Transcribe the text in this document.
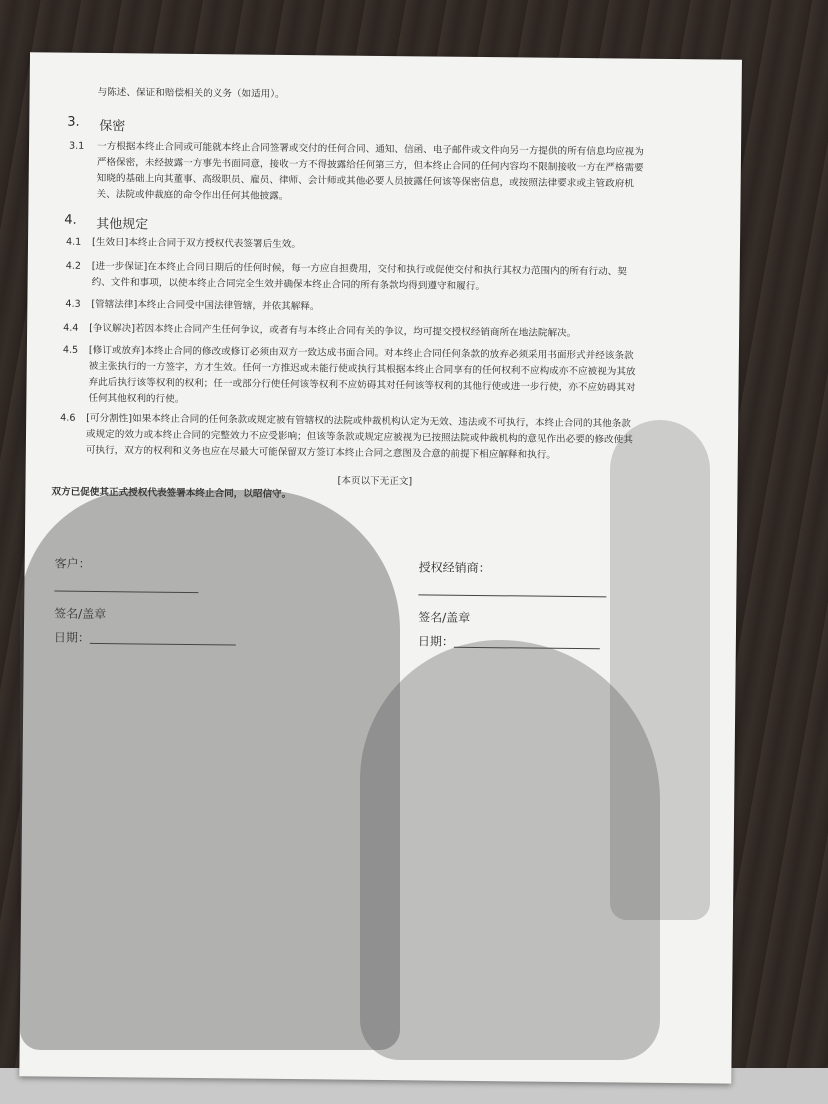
与陈述、保证和赔偿相关的义务（如适用）。
3. 保密
3.1 一方根据本终止合同或可能就本终止合同签署或交付的任何合同、通知、信函、电子邮件或文件向另一方提供的所有信息均应视为
严格保密，未经披露一方事先书面同意，接收一方不得披露给任何第三方，但本终止合同的任何内容均不限制接收一方在严格需要
知晓的基础上向其董事、高级职员、雇员、律师、会计师或其他必要人员披露任何该等保密信息，或按照法律要求或主管政府机
关、法院或仲裁庭的命令作出任何其他披露。
4. 其他规定
4.1 [生效日]本终止合同于双方授权代表签署后生效。
4.2 [进一步保证]在本终止合同日期后的任何时候，每一方应自担费用，交付和执行或促使交付和执行其权力范围内的所有行动、契
约、文件和事项，以使本终止合同完全生效并确保本终止合同的所有条款均得到遵守和履行。
4.3 [管辖法律]本终止合同受中国法律管辖，并依其解释。
4.4 [争议解决]若因本终止合同产生任何争议，或者有与本终止合同有关的争议，均可提交授权经销商所在地法院解决。
4.5 [修订或放弃]本终止合同的修改或修订必须由双方一致达成书面合同。对本终止合同任何条款的放弃必须采用书面形式并经该条款
被主张执行的一方签字，方才生效。任何一方推迟或未能行使或执行其根据本终止合同享有的任何权利不应构成亦不应被视为其放
弃此后执行该等权利的权利；任一或部分行使任何该等权利不应妨碍其对任何该等权利的其他行使或进一步行使，亦不应妨碍其对
任何其他权利的行使。
4.6 [可分割性]如果本终止合同的任何条款或规定被有管辖权的法院或仲裁机构认定为无效、违法或不可执行，本终止合同的其他条款
或规定的效力或本终止合同的完整效力不应受影响；但该等条款或规定应被视为已按照法院或仲裁机构的意见作出必要的修改使其
可执行，双方的权利和义务也应在尽最大可能保留双方签订本终止合同之意图及合意的前提下相应解释和执行。
[本页以下无正文]
双方已促使其正式授权代表签署本终止合同，以昭信守。
客户：
签名/盖章
日期：
授权经销商：
签名/盖章
日期：
